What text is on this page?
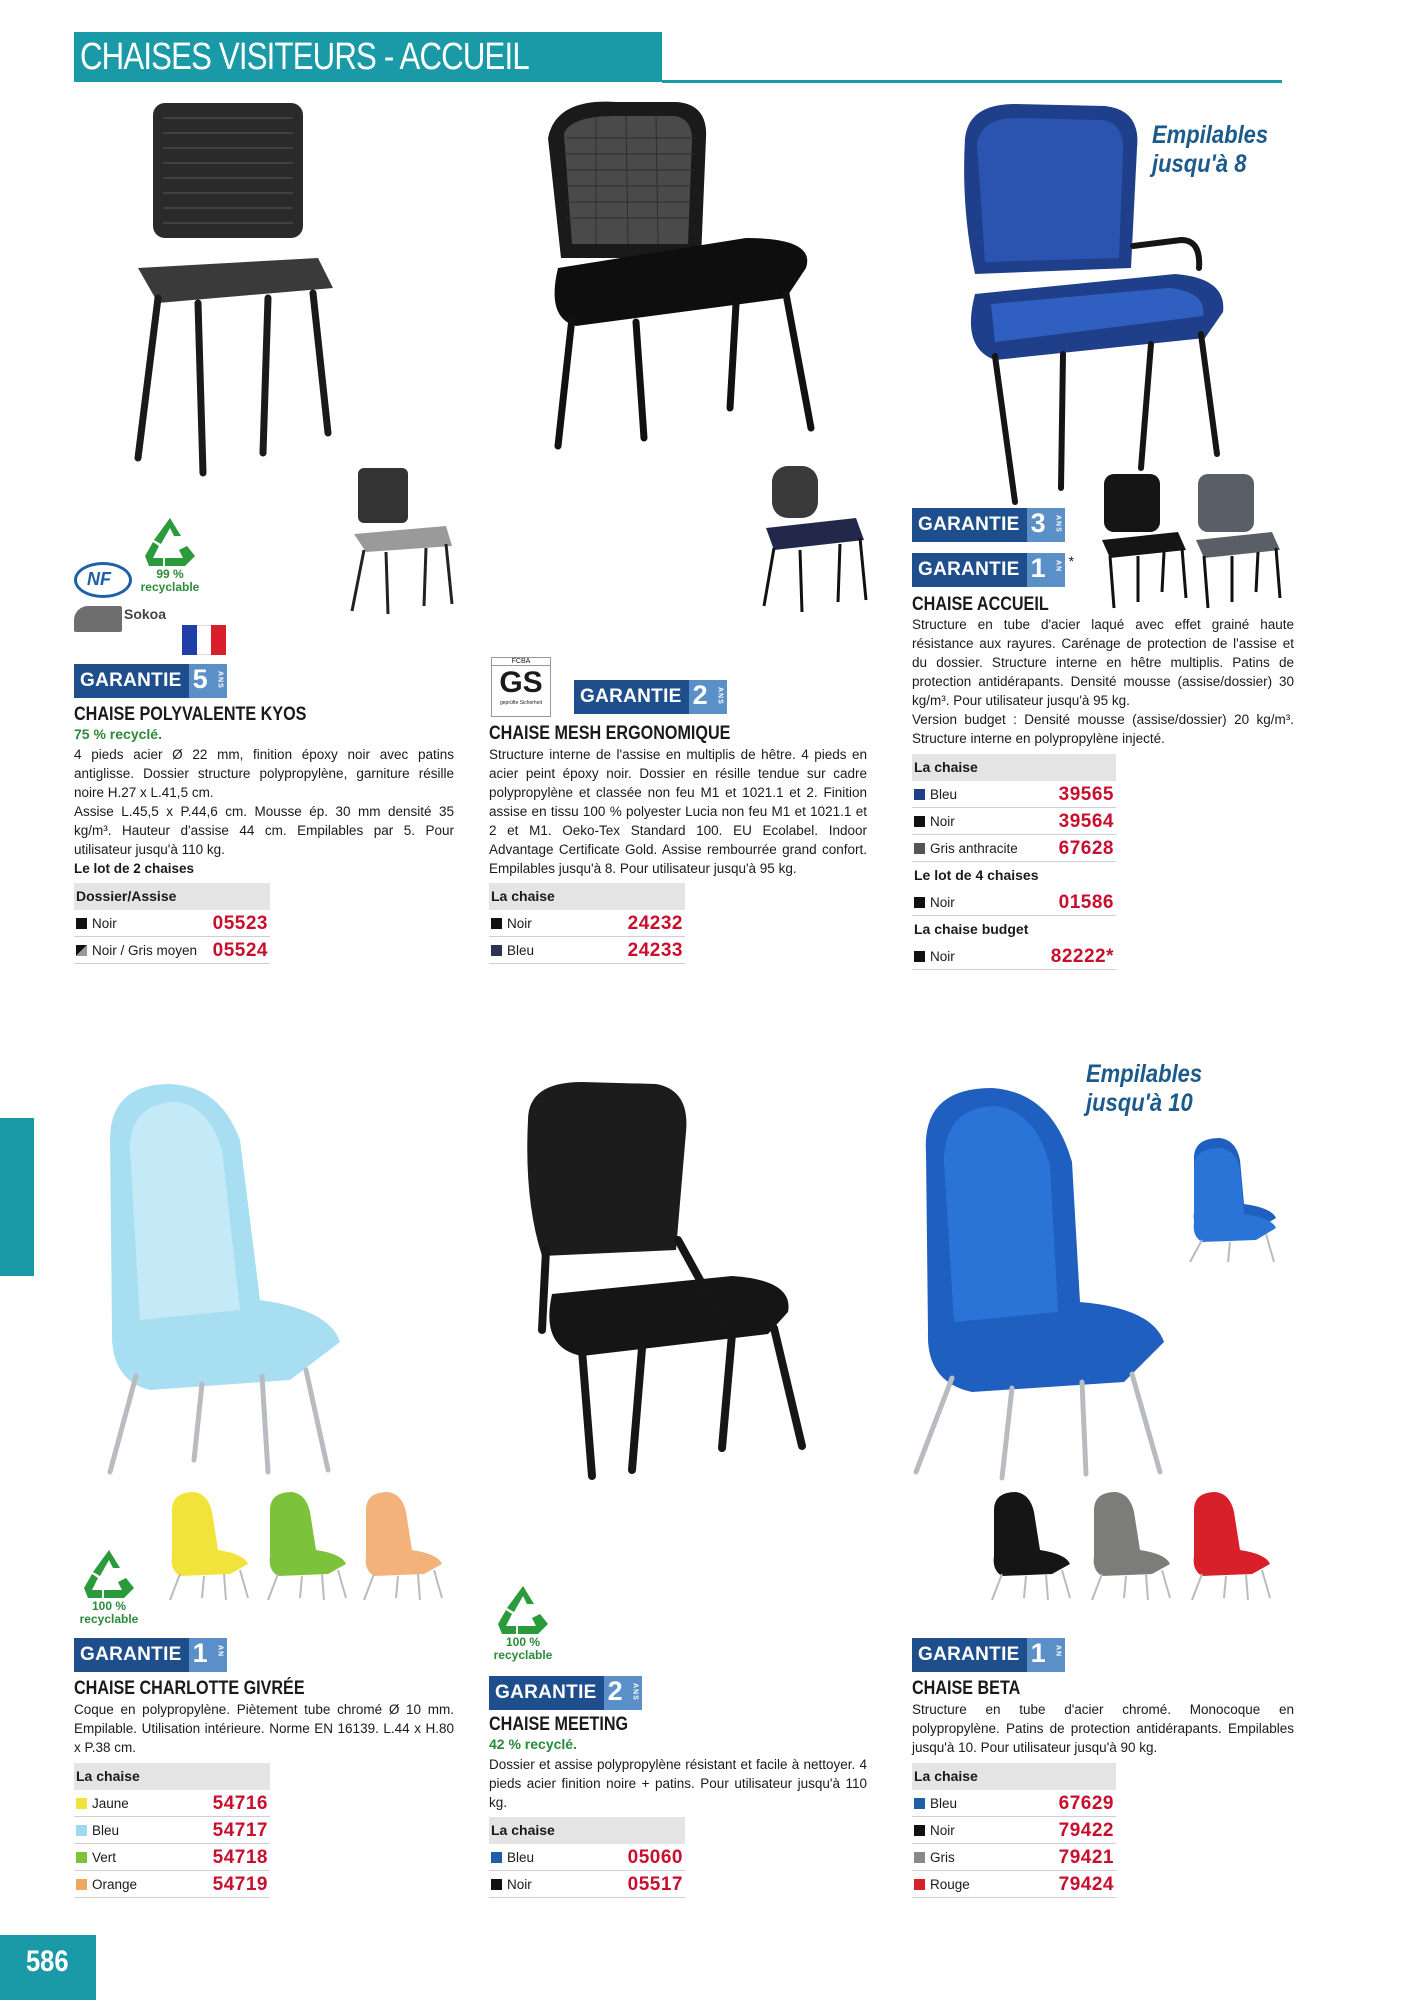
CHAISES VISITEURS - ACCUEIL
586
99 %
recyclable
NF
Sokoa
GARANTIE 5 ANS
CHAISE POLYVALENTE KYOS
75 % recyclé.

4 pieds acier Ø 22 mm, finition époxy noir avec patins antiglisse. Dossier structure polypropylène, garniture résille noire H.27 x L.41,5 cm.

Assise L.45,5 x P.44,6 cm. Mousse ép. 30 mm densité 35 kg/m³. Hauteur d'assise 44 cm. Empilables par 5. Pour utilisateur jusqu'à 110 kg.

Le lot de 2 chaises

Dossier/Assise
Noir	05523
Noir / Gris moyen 05524
FCBA
GS
geprüfte Sicherheit	GARANTIE 2 ANS
CHAISE MESH ERGONOMIQUE

Structure interne de l'assise en multiplis de hêtre. 4 pieds en acier peint époxy noir. Dossier en résille tendue sur cadre polypropylène et classée non feu M1 et 1021.1 et 2. Finition assise en tissu 100 % polyester Lucia non feu M1 et 1021.1 et 2 et M1. Oeko-Tex Standard 100. EU Ecolabel. Indoor Advantage Certificate Gold. Assise rembourrée grand confort. Empilables jusqu'à 8. Pour utilisateur jusqu'à 95 kg.

La chaise
Noir	24232
Bleu	24233
Empilables
jusqu'à 8
GARANTIE 3 ANS
GARANTIE 1 AN *
CHAISE ACCUEIL

Structure en tube d'acier laqué avec effet grainé haute résistance aux rayures. Carénage de protection de l'assise et du dossier. Structure interne en hêtre multiplis. Patins de protection antidérapants. Densité mousse (assise/dossier) 30 kg/m³. Pour utilisateur jusqu'à 95 kg.

Version budget : Densité mousse (assise/dossier) 20 kg/m³. Structure interne en polypropylène injecté.

La chaise
Bleu	39565
Noir	39564
Gris anthracite 67628
Le lot de 4 chaises
Noir	01586
La chaise budget
Noir	82222*
100 %
recyclable
GARANTIE 1 AN
CHAISE CHARLOTTE GIVRÉE

Coque en polypropylène. Piètement tube chromé Ø 10 mm. Empilable. Utilisation intérieure. Norme EN 16139. L.44 x H.80 x P.38 cm.

La chaise
Jaune	54716
Bleu	54717
Vert	54718
Orange	54719
100 %
recyclable
GARANTIE 2 ANS
CHAISE MEETING
42 % recyclé.

Dossier et assise polypropylène résistant et facile à nettoyer. 4 pieds acier finition noire + patins. Pour utilisateur jusqu'à 110 kg.

La chaise
Bleu	05060
Noir	05517
Empilables
jusqu'à 10
GARANTIE 1 AN
CHAISE BETA

Structure en tube d'acier chromé. Monocoque en polypropylène. Patins de protection antidérapants. Empilables jusqu'à 10. Pour utilisateur jusqu'à 90 kg.

La chaise
Bleu	67629
Noir	79422
Gris	79421
Rouge	79424
